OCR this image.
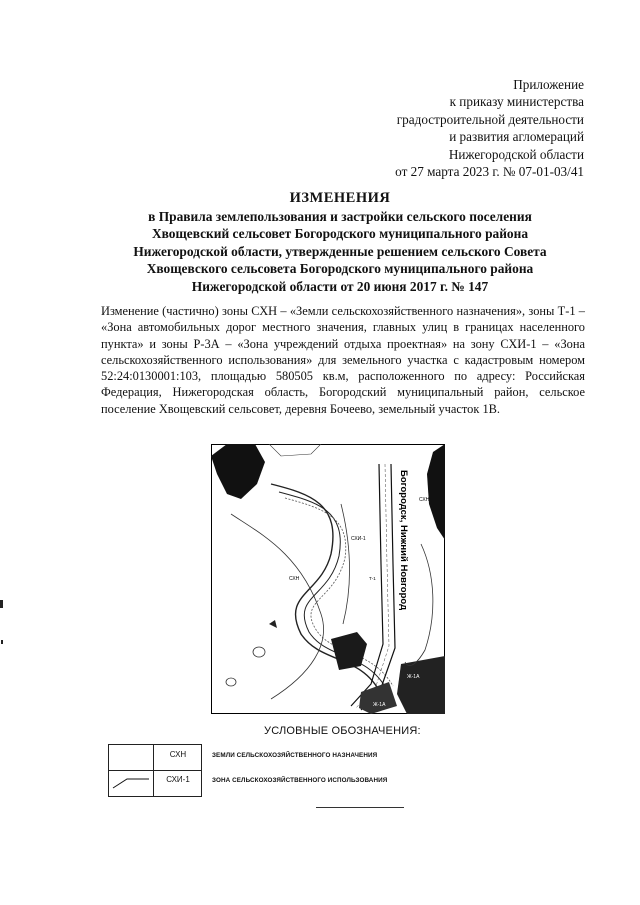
Приложение
к приказу министерства
градостроительной деятельности
и развития агломераций
Нижегородской области
от 27 марта 2023 г. № 07-01-03/41
ИЗМЕНЕНИЯ
в Правила землепользования и застройки сельского поселения
Хвощевский сельсовет Богородского муниципального района
Нижегородской области, утвержденные решением сельского Совета
Хвощевского сельсовета Богородского муниципального района
Нижегородской области от 20 июня 2017 г. № 147
Изменение (частично) зоны СХН – «Земли сельскохозяйственного назначения», зоны Т-1 – «Зона автомобильных дорог местного значения, главных улиц в границах населенного пункта» и зоны Р-3А – «Зона учреждений отдыха проектная» на зону СХИ-1 – «Зона сельскохозяйственного использования» для земельного участка с кадастровым номером 52:24:0130001:103, площадью 580505 кв.м, расположенного по адресу: Российская Федерация, Нижегородская область, Богородский муниципальный район, сельское поселение Хвощевский сельсовет, деревня Бочеево, земельный участок 1В.
СХН
СХИ-1
СХН	Т-1
Ж-1А
Ж-1А
Богородск, Нижний Новгород
УСЛОВНЫЕ ОБОЗНАЧЕНИЯ:
СХН
СХИ-1
ЗЕМЛИ СЕЛЬСКОХОЗЯЙСТВЕННОГО НАЗНАЧЕНИЯ
ЗОНА СЕЛЬСКОХОЗЯЙСТВЕННОГО ИСПОЛЬЗОВАНИЯ
